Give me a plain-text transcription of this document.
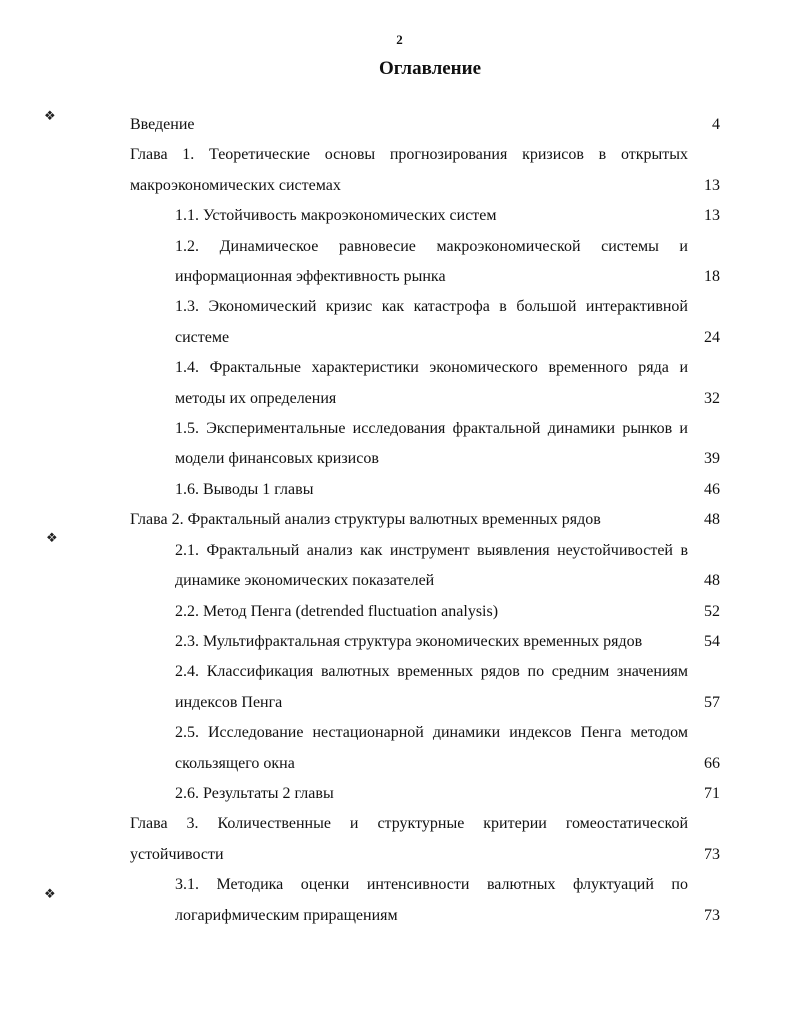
2
Оглавление
❖
❖
❖
Введение	4
Глава 1. Теоретические основы прогнозирования кризисов в открытых макроэкономических системах	13
1.1. Устойчивость макроэкономических систем	13
1.2. Динамическое равновесие макроэкономической системы и информационная эффективность рынка	18
1.3. Экономический кризис как катастрофа в большой интерактивной системе	24
1.4. Фрактальные характеристики экономического временного ряда и методы их определения	32
1.5. Экспериментальные исследования фрактальной динамики рынков и модели финансовых кризисов	39
1.6. Выводы 1 главы	46
Глава 2. Фрактальный анализ структуры валютных временных рядов	48
2.1. Фрактальный анализ как инструмент выявления неустойчивостей в динамике экономических показателей	48
2.2. Метод Пенга (detrended fluctuation analysis)	52
2.3. Мультифрактальная структура экономических временных рядов	54
2.4. Классификация валютных временных рядов по средним значениям индексов Пенга	57
2.5. Исследование нестационарной динамики индексов Пенга методом скользящего окна	66
2.6. Результаты 2 главы	71
Глава 3. Количественные и структурные критерии гомеостатической устойчивости	73
3.1. Методика оценки интенсивности валютных флуктуаций по логарифмическим приращениям	73
